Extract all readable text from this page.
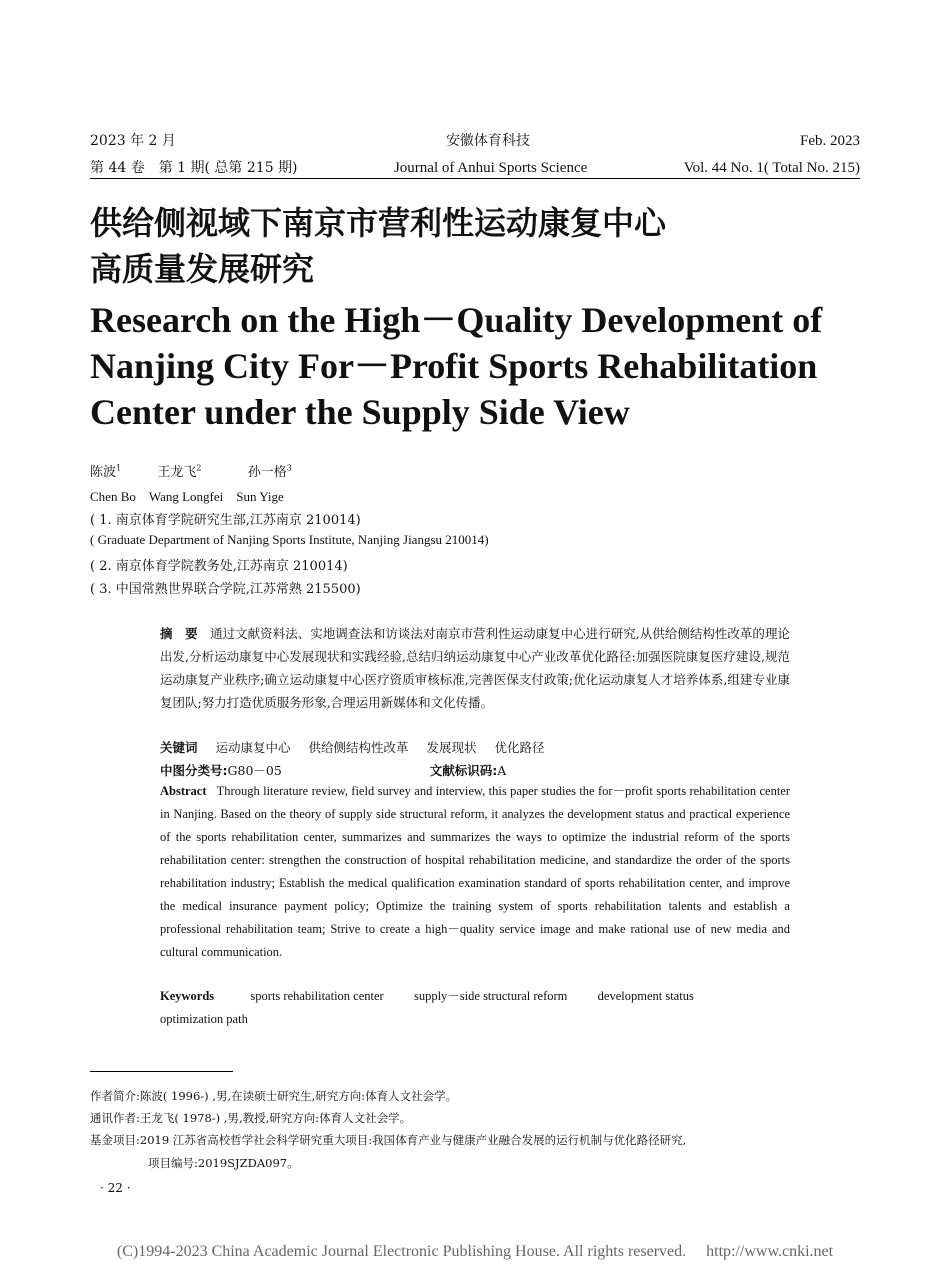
2023 年 2 月	安徽体育科技	Feb. 2023
第 44 卷　第 1 期( 总第 215 期)	Journal of Anhui Sports Science	Vol. 44 No. 1( Total No. 215)
供给侧视域下南京市营利性运动康复中心
高质量发展研究
Research on the High－Quality Development of
Nanjing City For－Profit Sports Rehabilitation
Center under the Supply Side View
陈波$^1$	王龙飞$^2$	孙一格$^3$
Chen Bo　Wang Longfei　Sun Yige
( 1. 南京体育学院研究生部,江苏南京 210014)
( Graduate Department of Nanjing Sports Institute, Nanjing Jiangsu 210014)
( 2. 南京体育学院教务处,江苏南京 210014)
( 3. 中国常熟世界联合学院,江苏常熟 215500)

摘　要　 通过文献资料法、实地调查法和访谈法对南京市营利性运动康复中心进行研究,从供给侧结构性改革的理论出发,分析运动康复中心发展现状和实践经验,总结归纳运动康复中心产业改革优化路径:加强医院康复医疗建设,规范运动康复产业秩序;确立运动康复中心医疗资质审核标准,完善医保支付政策;优化运动康复人才培养体系,组建专业康复团队;努力打造优质服务形象,合理运用新媒体和文化传播。

关键词 运动康复中心 供给侧结构性改革 发展现状 优化路径
中图分类号:G80－05	文献标识码:A

Abstract Through literature review, field survey and interview, this paper studies the for－profit sports rehabilitation center in Nanjing. Based on the theory of supply side structural reform, it analyzes the development status and practical experience of the sports rehabilitation center, summarizes and summarizes the ways to optimize the industrial reform of the sports rehabilitation center: strengthen the construction of hospital rehabilitation medicine, and standardize the order of the sports rehabilitation industry; Establish the medical qualification examination standard of sports rehabilitation center, and improve the medical insurance payment policy; Optimize the training system of sports rehabilitation talents and establish a professional rehabilitation team; Strive to create a high－quality service image and make rational use of new media and cultural communication.

Keywords	sports rehabilitation center supply－side structural reform development status
optimization path
作者简介:陈波( 1996-) ,男,在读硕士研究生,研究方向:体育人文社会学。
通讯作者:王龙飞( 1978-) ,男,教授,研究方向:体育人文社会学。
基金项目:2019 江苏省高校哲学社会科学研究重大项目:我国体育产业与健康产业融合发展的运行机制与优化路径研究,
项目编号:2019SJZDA097。
· 22 ·
(C)1994-2023 China Academic Journal Electronic Publishing House. All rights reserved.　 http://www.cnki.net
